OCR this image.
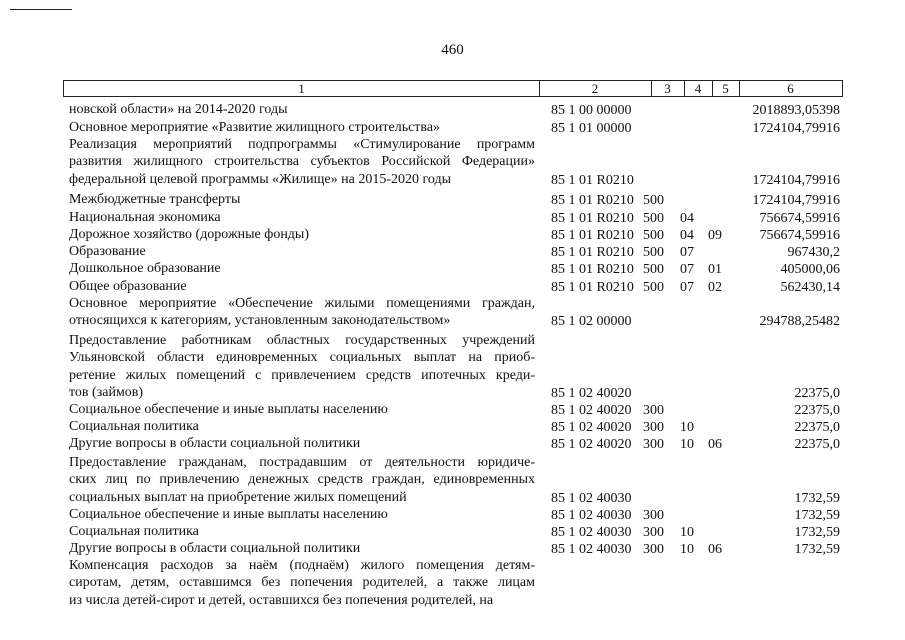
460
1	2	3	4	5	6
новской области» на 2014-2020 годы	85 1 00 00000	2018893,05398
Основное мероприятие «Развитие жилищного строительства»	85 1 01 00000	1724104,79916
Реализация мероприятий подпрограммы «Стимулирование программ
развития жилищного строительства субъектов Российской Федерации»
федеральной целевой программы «Жилище» на 2015-2020 годы	85 1 01 R0210	1724104,79916
Межбюджетные трансферты	85 1 01 R0210 500	1724104,79916
Национальная экономика	85 1 01 R0210 500 04	756674,59916
Дорожное хозяйство (дорожные фонды)	85 1 01 R0210 500 04 09	756674,59916
Образование	85 1 01 R0210 500 07	967430,2
Дошкольное образование	85 1 01 R0210 500 07 01	405000,06
Общее образование	85 1 01 R0210 500 07 02	562430,14
Основное мероприятие «Обеспечение жилыми помещениями граждан,
относящихся к категориям, установленным законодательством»	85 1 02 00000	294788,25482
Предоставление работникам областных государственных учреждений
Ульяновской области единовременных социальных выплат на приоб-
ретение жилых помещений с привлечением средств ипотечных креди-
тов (займов)	85 1 02 40020	22375,0
Социальное обеспечение и иные выплаты населению	85 1 02 40020 300	22375,0
Социальная политика	85 1 02 40020 300 10	22375,0
Другие вопросы в области социальной политики	85 1 02 40020 300 10 06	22375,0
Предоставление гражданам, пострадавшим от деятельности юридиче-
ских лиц по привлечению денежных средств граждан, единовременных
социальных выплат на приобретение жилых помещений	85 1 02 40030	1732,59
Социальное обеспечение и иные выплаты населению	85 1 02 40030 300	1732,59
Социальная политика	85 1 02 40030 300 10	1732,59
Другие вопросы в области социальной политики	85 1 02 40030 300 10 06	1732,59
Компенсация расходов за наём (поднаём) жилого помещения детям-
сиротам, детям, оставшимся без попечения родителей, а также лицам
из числа детей-сирот и детей, оставшихся без попечения родителей, на
